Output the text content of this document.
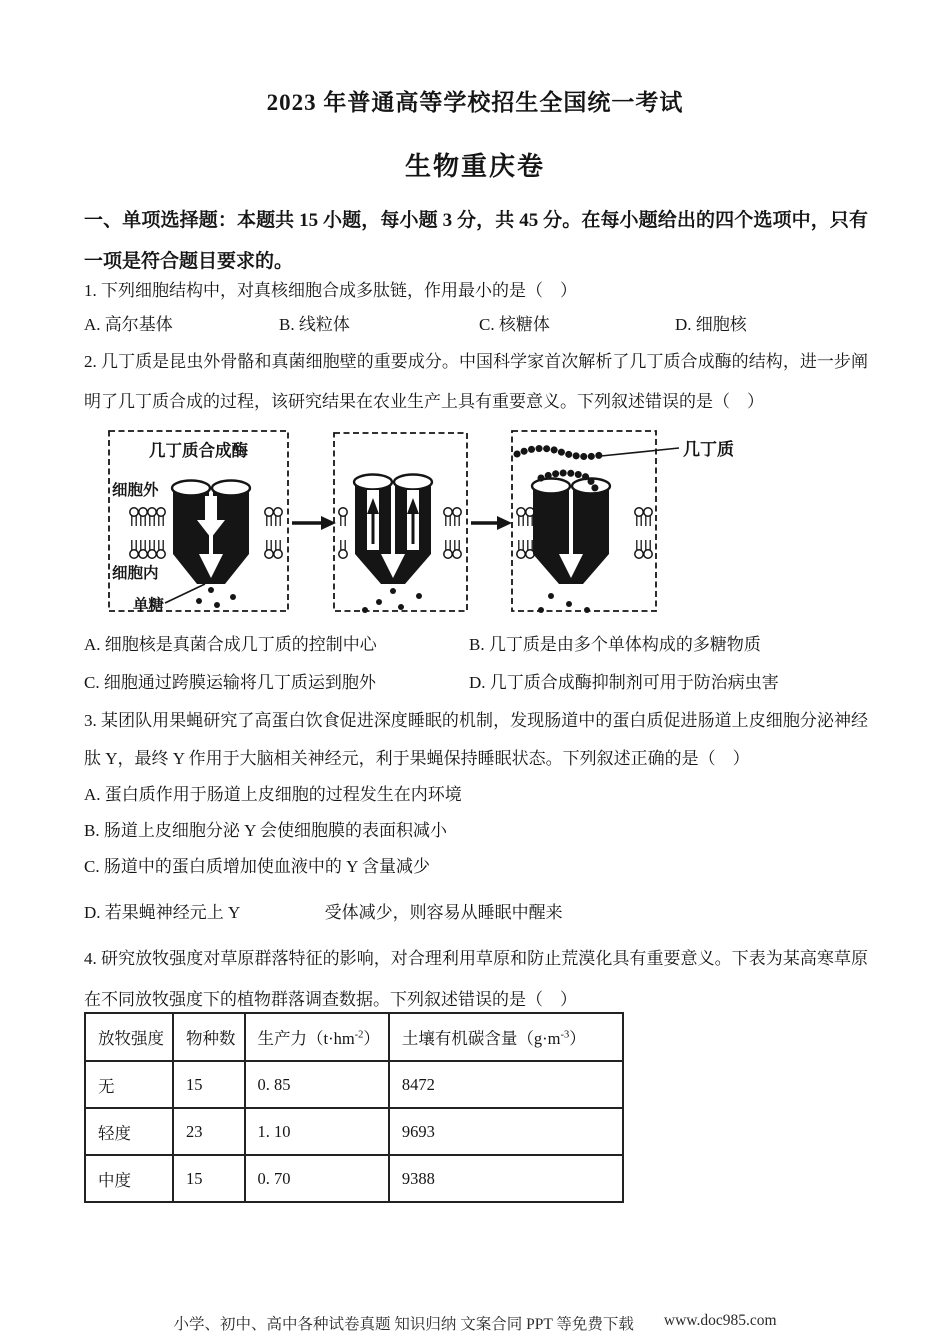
2023 年普通高等学校招生全国统一考试
生物重庆卷
一、单项选择题：本题共 15 小题，每小题 3 分，共 45 分。在每小题给出的四个选项中，只有一项是符合题目要求的。
1. 下列细胞结构中，对真核细胞合成多肽链，作用最小的是（　）
A. 高尔基体	B. 线粒体	C. 核糖体	D. 细胞核
2. 几丁质是昆虫外骨骼和真菌细胞壁的重要成分。中国科学家首次解析了几丁质合成酶的结构，进一步阐明了几丁质合成的过程，该研究结果在农业生产上具有重要意义。下列叙述错误的是（　）
几丁质合成酶
细胞外
细胞内
单糖
几丁质
A. 细胞核是真菌合成几丁质的控制中心	B. 几丁质是由多个单体构成的多糖物质
C. 细胞通过跨膜运输将几丁质运到胞外	D. 几丁质合成酶抑制剂可用于防治病虫害
3. 某团队用果蝇研究了高蛋白饮食促进深度睡眠的机制，发现肠道中的蛋白质促进肠道上皮细胞分泌神经肽 Y，最终 Y 作用于大脑相关神经元，利于果蝇保持睡眠状态。下列叙述正确的是（　）
A. 蛋白质作用于肠道上皮细胞的过程发生在内环境
B. 肠道上皮细胞分泌 Y 会使细胞膜的表面积减小
C. 肠道中的蛋白质增加使血液中的 Y 含量减少
D. 若果蝇神经元上 Y　　　　　受体减少，则容易从睡眠中醒来
4. 研究放牧强度对草原群落特征的影响，对合理利用草原和防止荒漠化具有重要意义。下表为某高寒草原在不同放牧强度下的植物群落调查数据。下列叙述错误的是（　）
放牧强度	物种数	生产力$(t\cdot hm^{-2})$	土壤有机碳含量$(g\cdot m^{-3})$
无	15	0. 85	8472
轻度	23	1. 10	9693
中度	15	0. 70	9388
小学、初中、高中各种试卷真题 知识归纳 文案合同 PPT 等免费下载 www.doc985.com
